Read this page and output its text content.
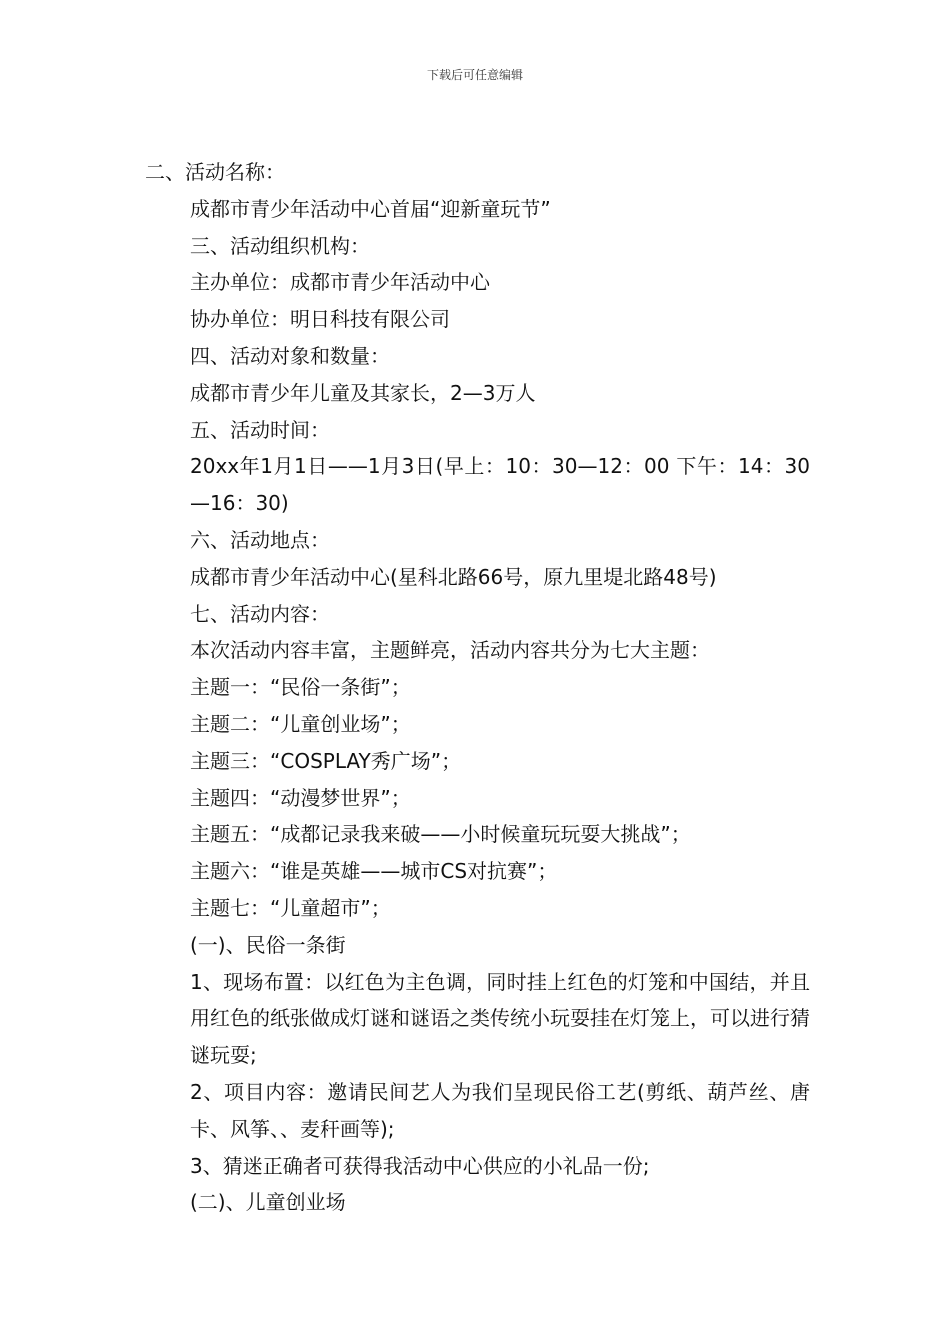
下载后可任意编辑

二、活动名称：

成都市青少年活动中心首届“迎新童玩节”

三、活动组织机构：

主办单位：成都市青少年活动中心

协办单位：明日科技有限公司

四、活动对象和数量：

成都市青少年儿童及其家长，2—3万人

五、活动时间：

20xx年1月1日——1月3日(早上：10：30—12：00 下午：14：30—16：30)

六、活动地点：

成都市青少年活动中心(星科北路66号，原九里堤北路48号)

七、活动内容：

本次活动内容丰富，主题鲜亮，活动内容共分为七大主题：

主题一：“民俗一条街”；

主题二：“儿童创业场”；

主题三：“COSPLAY秀广场”；

主题四：“动漫梦世界”；

主题五：“成都记录我来破——小时候童玩玩耍大挑战”；

主题六：“谁是英雄——城市CS对抗赛”；

主题七：“儿童超市”；

(一)、民俗一条街

1、现场布置：以红色为主色调，同时挂上红色的灯笼和中国结，并且用红色的纸张做成灯谜和谜语之类传统小玩耍挂在灯笼上，可以进行猜谜玩耍;

2、项目内容：邀请民间艺人为我们呈现民俗工艺(剪纸、葫芦丝、唐卡、风筝、、麦秆画等);

3、猜迷正确者可获得我活动中心供应的小礼品一份;

(二)、儿童创业场
